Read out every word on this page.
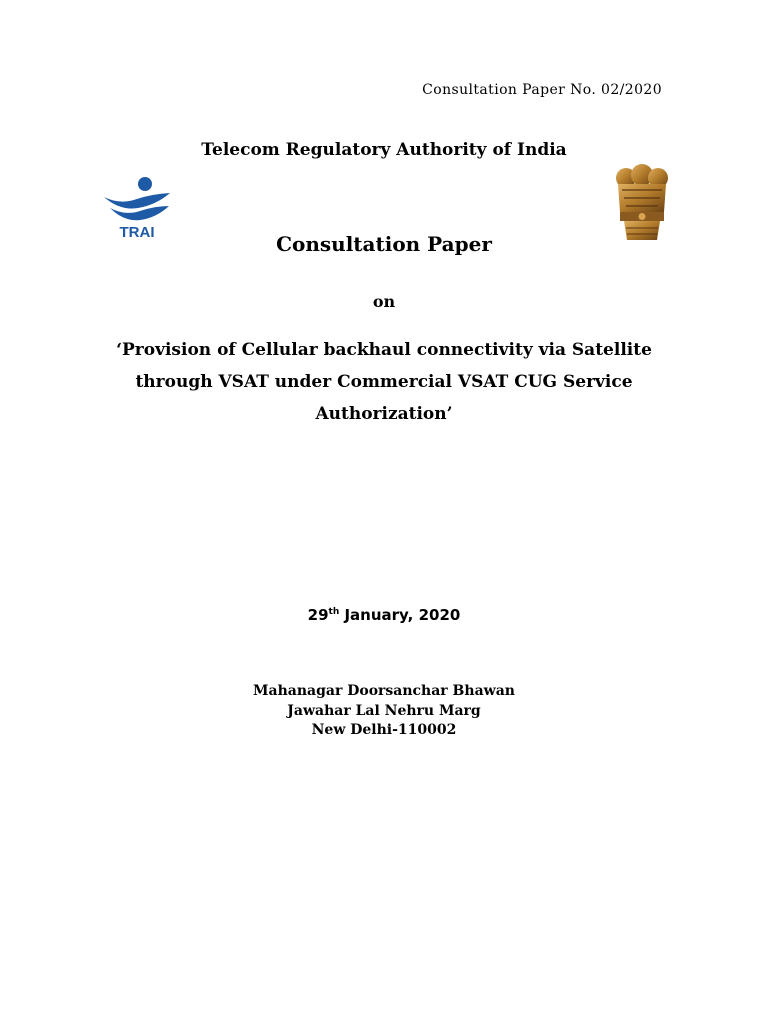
Consultation Paper No. 02/2020
Telecom Regulatory Authority of India
TRAI	Consultation Paper
on
‘Provision of Cellular backhaul connectivity via Satellite
through VSAT under Commercial VSAT CUG Service
Authorization’
29th January, 2020
Mahanagar Doorsanchar Bhawan
Jawahar Lal Nehru Marg
New Delhi-110002
